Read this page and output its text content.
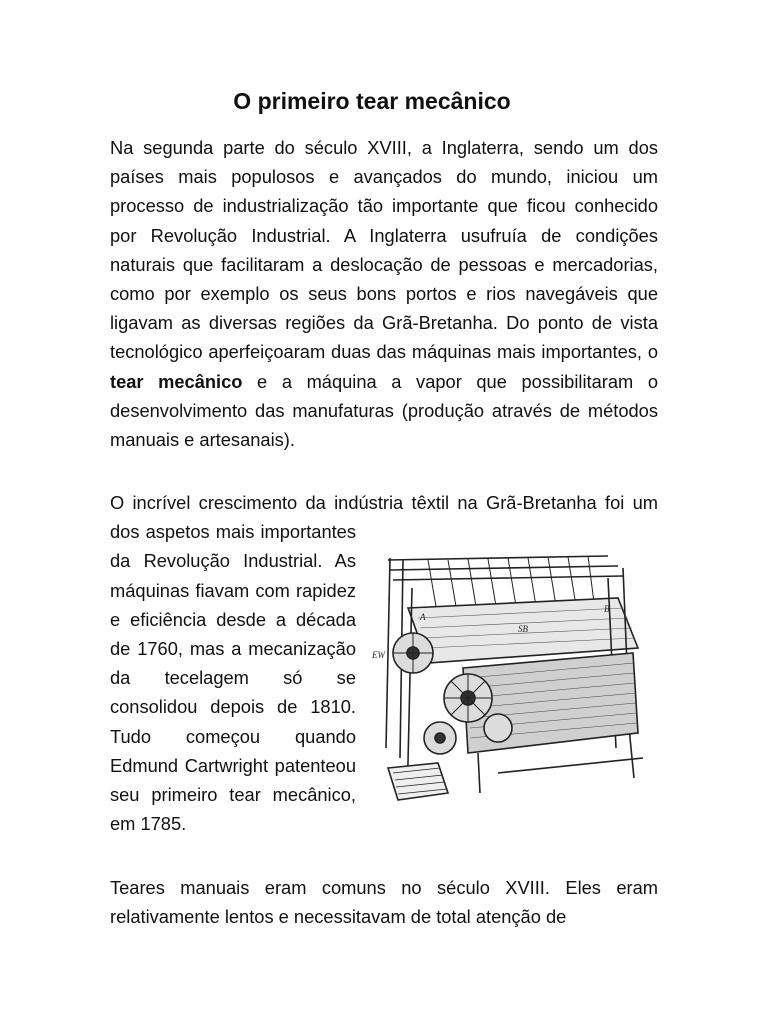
O primeiro tear mecânico

Na segunda parte do século XVIII, a Inglaterra, sendo um dos países mais populosos e avançados do mundo, iniciou um processo de industrialização tão importante que ficou conhecido por Revolução Industrial. A Inglaterra usufruía de condições naturais que facilitaram a deslocação de pessoas e mercadorias, como por exemplo os seus bons portos e rios navegáveis que ligavam as diversas regiões da Grã-Bretanha. Do ponto de vista tecnológico aperfeiçoaram duas das máquinas mais importantes, o tear mecânico e a máquina a vapor que possibilitaram o desenvolvimento das manufaturas (produção através de métodos manuais e artesanais).

SB
EW
A
B
O incrível crescimento da indústria têxtil na Grã-Bretanha foi um dos aspetos mais importantes da Revolução Industrial. As máquinas fiavam com rapidez e eficiência desde a década de 1760, mas a mecanização da tecelagem só se consolidou depois de 1810. Tudo começou quando Edmund Cartwright patenteou seu primeiro tear mecânico, em 1785.

Teares manuais eram comuns no século XVIII. Eles eram relativamente lentos e necessitavam de total atenção de
